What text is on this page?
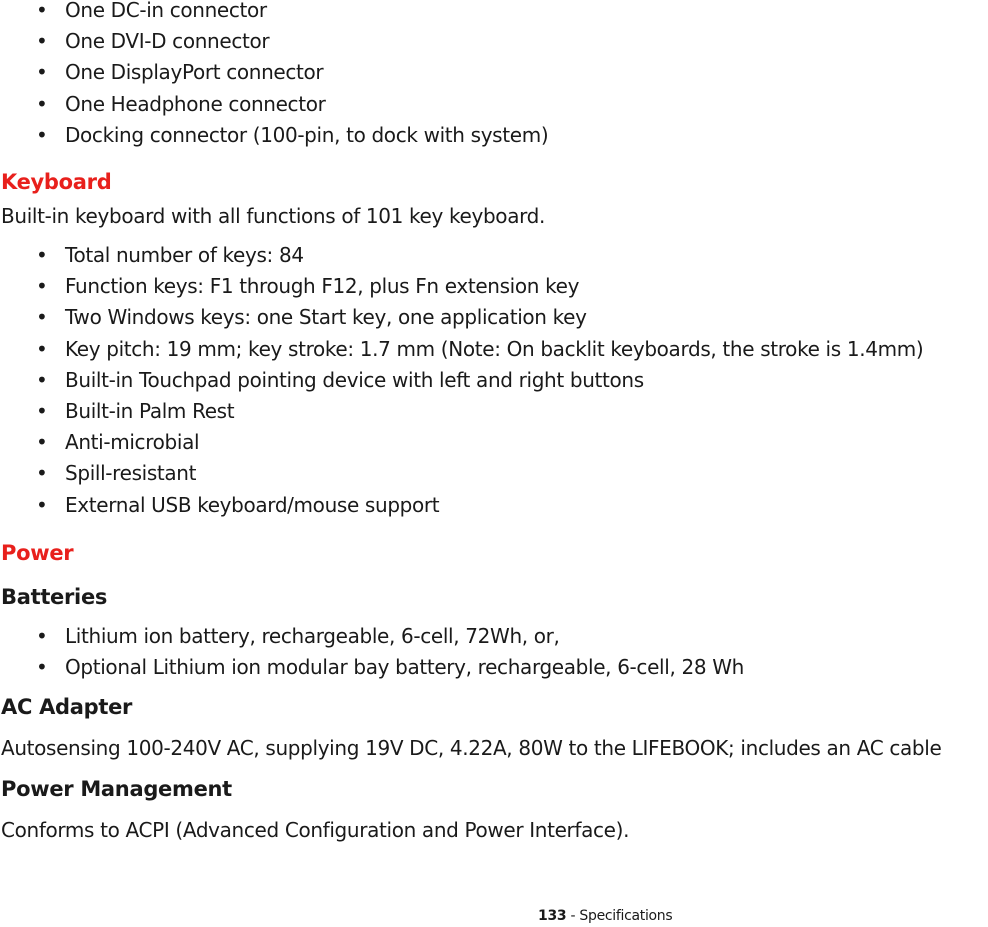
• One DC-in connector
• One DVI-D connector
• One DisplayPort connector
• One Headphone connector
• Docking connector (100-pin, to dock with system)
Keyboard

Built-in keyboard with all functions of 101 key keyboard.

• Total number of keys: 84
• Function keys: F1 through F12, plus Fn extension key
• Two Windows keys: one Start key, one application key
• Key pitch: 19 mm; key stroke: 1.7 mm (Note: On backlit keyboards, the stroke is 1.4mm)
• Built-in Touchpad pointing device with left and right buttons
• Built-in Palm Rest
• Anti-microbial
• Spill-resistant
• External USB keyboard/mouse support
Power
Batteries
• Lithium ion battery, rechargeable, 6-cell, 72Wh, or,
• Optional Lithium ion modular bay battery, rechargeable, 6-cell, 28 Wh
AC Adapter

Autosensing 100-240V AC, supplying 19V DC, 4.22A, 80W to the LIFEBOOK; includes an AC cable

Power Management

Conforms to ACPI (Advanced Configuration and Power Interface).

133 - Specifications
